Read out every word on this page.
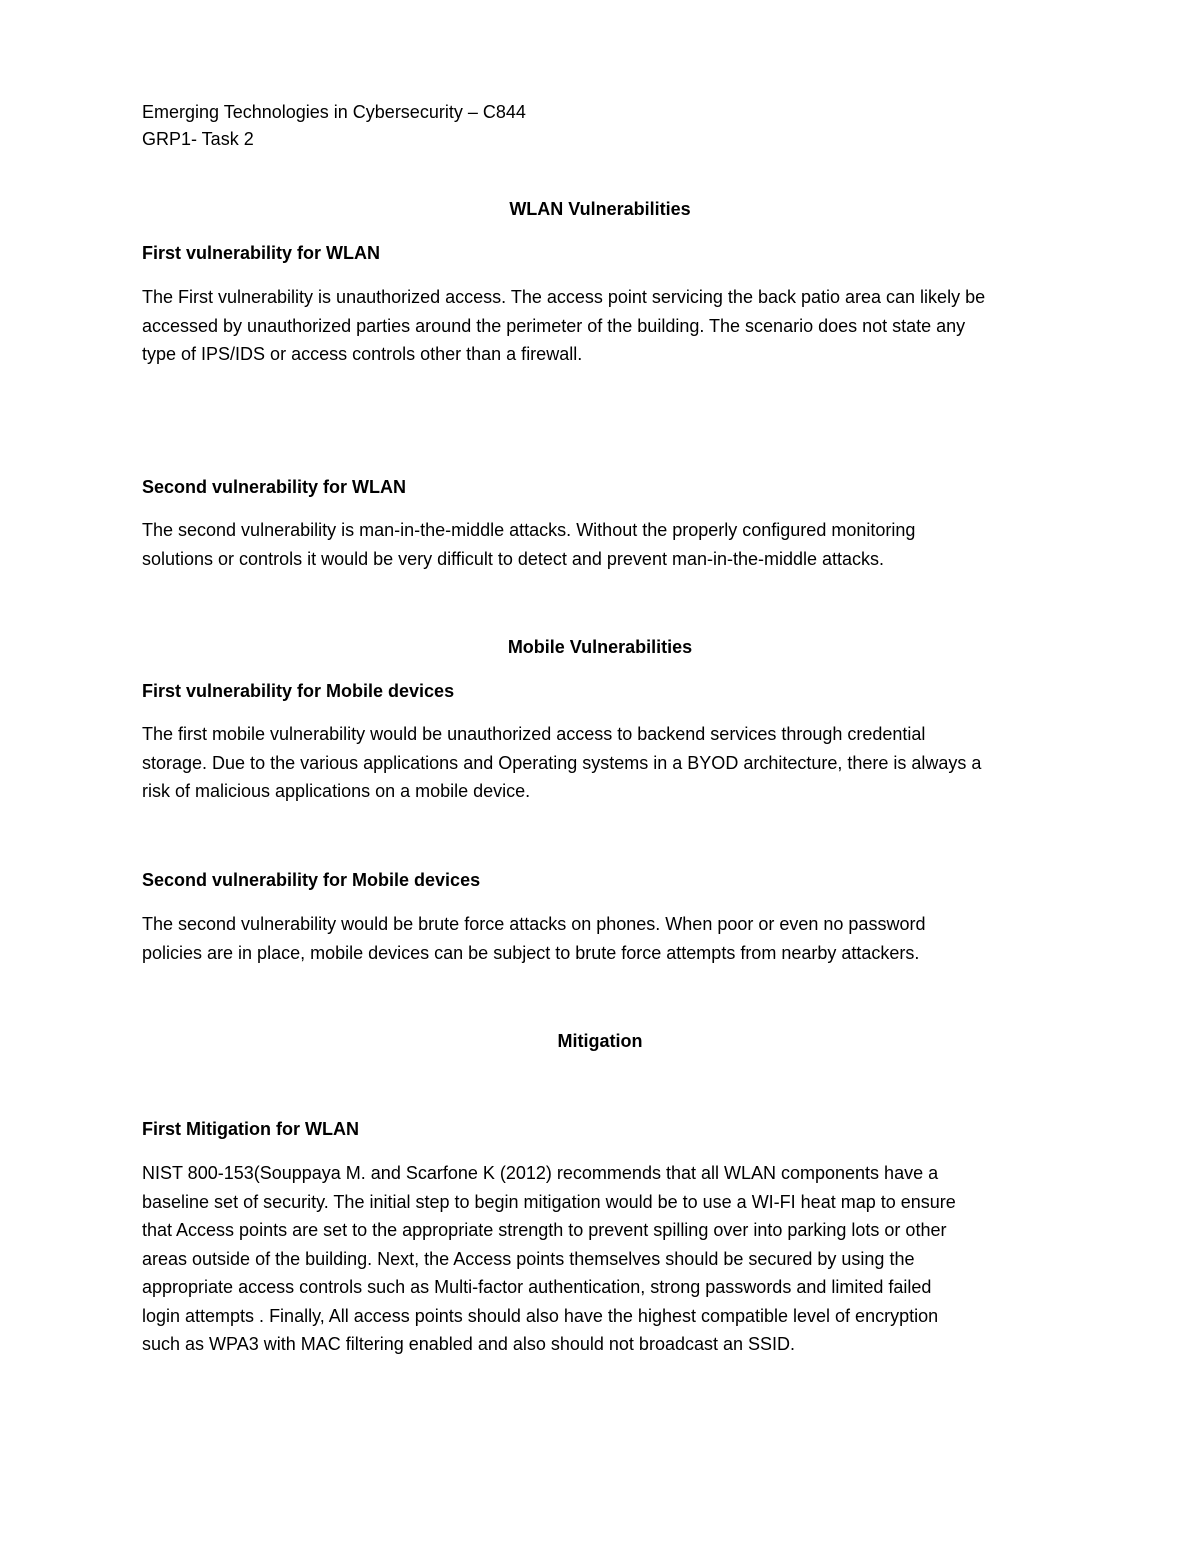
Emerging Technologies in Cybersecurity – C844

GRP1- Task 2

WLAN Vulnerabilities

First vulnerability for WLAN

The First vulnerability is unauthorized access. The access point servicing the back patio area can likely be
accessed by unauthorized parties around the perimeter of the building. The scenario does not state any
type of IPS/IDS or access controls other than a firewall.

Second vulnerability for WLAN

The second vulnerability is man-in-the-middle attacks. Without the properly configured monitoring
solutions or controls it would be very difficult to detect and prevent man-in-the-middle attacks.

Mobile Vulnerabilities

First vulnerability for Mobile devices

The first mobile vulnerability would be unauthorized access to backend services through credential
storage. Due to the various applications and Operating systems in a BYOD architecture, there is always a
risk of malicious applications on a mobile device.

Second vulnerability for Mobile devices

The second vulnerability would be brute force attacks on phones. When poor or even no password
policies are in place, mobile devices can be subject to brute force attempts from nearby attackers.

Mitigation

First Mitigation for WLAN

NIST 800-153(Souppaya M. and Scarfone K (2012) recommends that all WLAN components have a
baseline set of security. The initial step to begin mitigation would be to use a WI-FI heat map to ensure
that Access points are set to the appropriate strength to prevent spilling over into parking lots or other
areas outside of the building. Next, the Access points themselves should be secured by using the
appropriate access controls such as Multi-factor authentication, strong passwords and limited failed
login attempts . Finally, All access points should also have the highest compatible level of encryption
such as WPA3 with MAC filtering enabled and also should not broadcast an SSID.
